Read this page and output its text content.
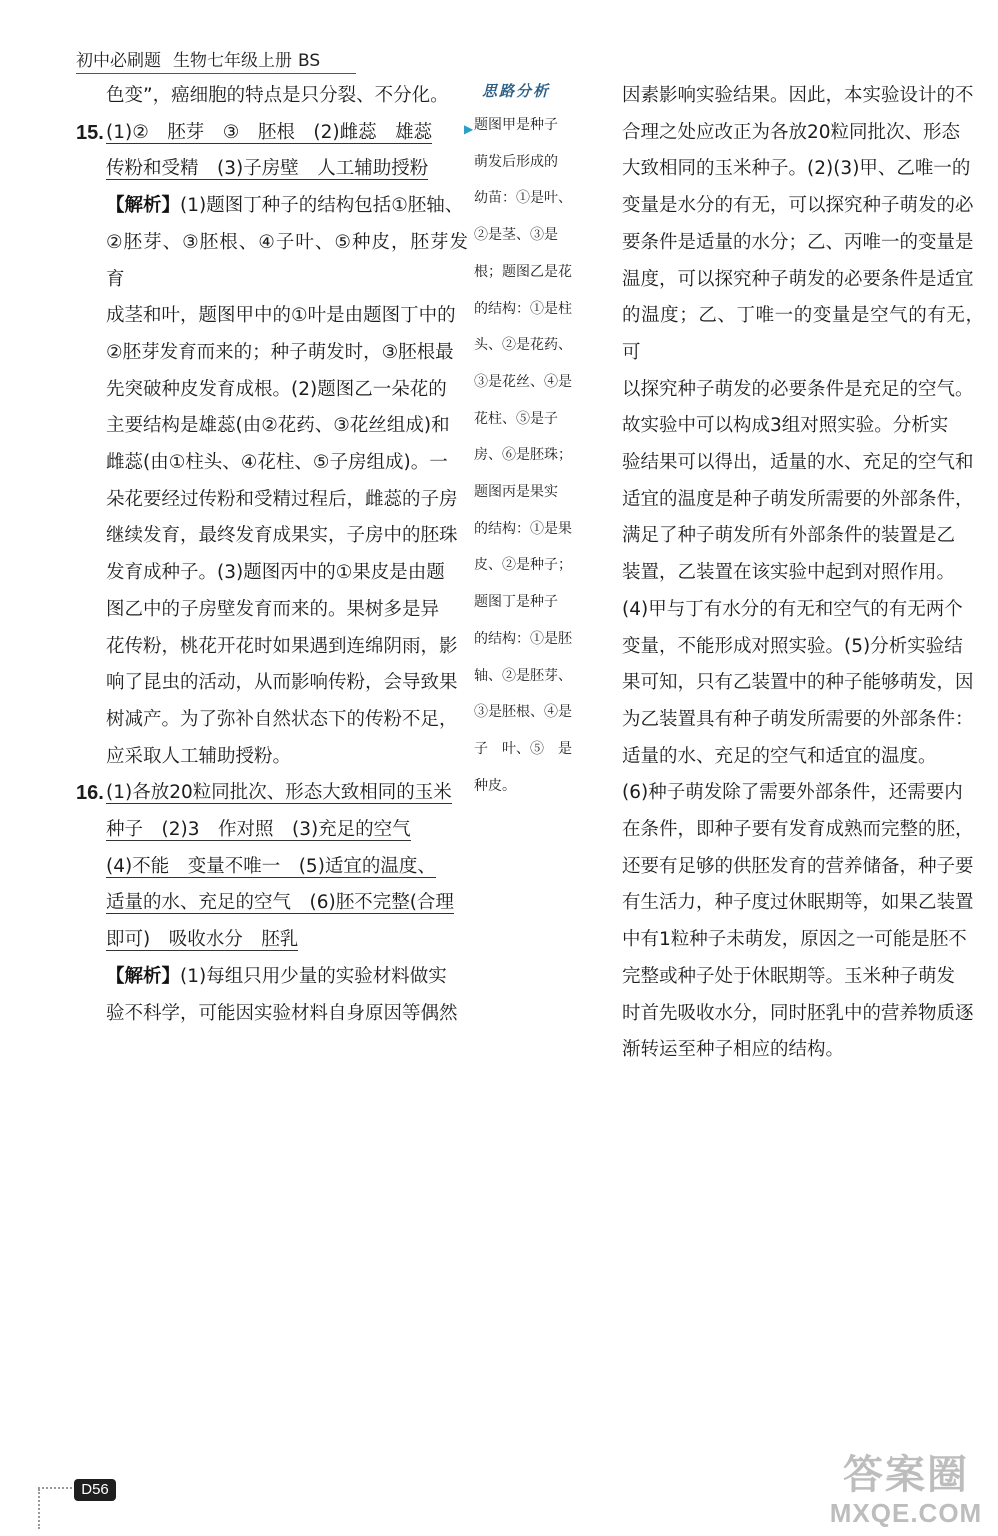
初中必刷题 生物七年级上册 BS

色变”，癌细胞的特点是只分裂、不分化。

15. (1)②　胚芽　③　胚根　(2)雌蕊　雄蕊

传粉和受精　(3)子房壁　人工辅助授粉

【解析】(1)题图丁种子的结构包括①胚轴、
②胚芽、③胚根、④子叶、⑤种皮，胚芽发育
成茎和叶，题图甲中的①叶是由题图丁中的
②胚芽发育而来的；种子萌发时，③胚根最
先突破种皮发育成根。(2)题图乙一朵花的
主要结构是雄蕊(由②花药、③花丝组成)和
雌蕊(由①柱头、④花柱、⑤子房组成)。一
朵花要经过传粉和受精过程后，雌蕊的子房
继续发育，最终发育成果实，子房中的胚珠
发育成种子。(3)题图丙中的①果皮是由题
图乙中的子房壁发育而来的。果树多是异
花传粉，桃花开花时如果遇到连绵阴雨，影
响了昆虫的活动，从而影响传粉，会导致果
树减产。为了弥补自然状态下的传粉不足，
应采取人工辅助授粉。

16. (1)各放20粒同批次、形态大致相同的玉米

种子　(2)3　作对照　(3)充足的空气

(4)不能　变量不唯一　(5)适宜的温度、

适量的水、充足的空气　(6)胚不完整(合理

即可)　吸收水分　胚乳

【解析】(1)每组只用少量的实验材料做实
验不科学，可能因实验材料自身原因等偶然

思路分析
▶ 题图甲是种子
萌发后形成的
幼苗：①是叶、
②是茎、③是
根；题图乙是花
的结构：①是柱
头、②是花药、
③是花丝、④是
花柱、⑤是子
房、⑥是胚珠；
题图丙是果实
的结构：①是果
皮、②是种子；
题图丁是种子
的结构：①是胚
轴、②是胚芽、
③是胚根、④是
子　叶、⑤　是
种皮。

因素影响实验结果。因此，本实验设计的不
合理之处应改正为各放20粒同批次、形态
大致相同的玉米种子。(2)(3)甲、乙唯一的
变量是水分的有无，可以探究种子萌发的必
要条件是适量的水分；乙、丙唯一的变量是
温度，可以探究种子萌发的必要条件是适宜
的温度；乙、丁唯一的变量是空气的有无，可
以探究种子萌发的必要条件是充足的空气。
故实验中可以构成3组对照实验。分析实
验结果可以得出，适量的水、充足的空气和
适宜的温度是种子萌发所需要的外部条件，
满足了种子萌发所有外部条件的装置是乙
装置，乙装置在该实验中起到对照作用。
(4)甲与丁有水分的有无和空气的有无两个
变量，不能形成对照实验。(5)分析实验结
果可知，只有乙装置中的种子能够萌发，因
为乙装置具有种子萌发所需要的外部条件：
适量的水、充足的空气和适宜的温度。
(6)种子萌发除了需要外部条件，还需要内
在条件，即种子要有发育成熟而完整的胚，
还要有足够的供胚发育的营养储备，种子要
有生活力，种子度过休眠期等，如果乙装置
中有1粒种子未萌发，原因之一可能是胚不
完整或种子处于休眠期等。玉米种子萌发
时首先吸收水分，同时胚乳中的营养物质逐
渐转运至种子相应的结构。

D56	答案圈
MXQE.COM
